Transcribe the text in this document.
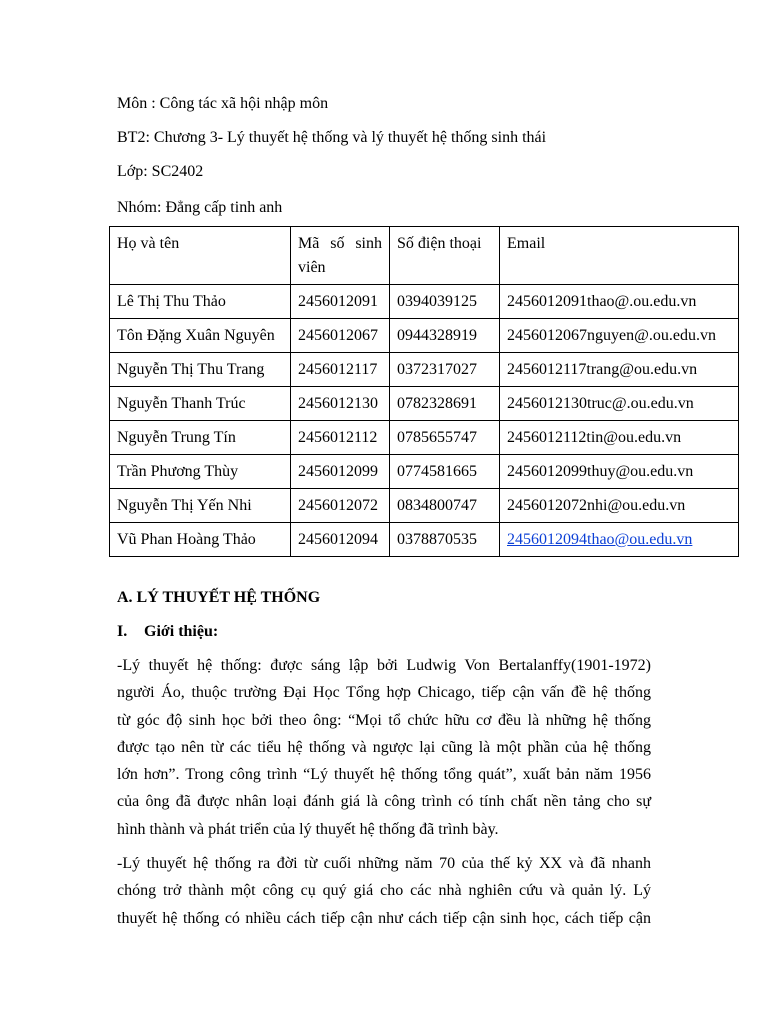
Môn : Công tác xã hội nhập môn
BT2: Chương 3- Lý thuyết hệ thống và lý thuyết hệ thống sinh thái
Lớp: SC2402
Nhóm: Đẳng cấp tinh anh
Họ và tên	Mã số sinh viên	Số điện thoại	Email
Lê Thị Thu Thảo	2456012091	0394039125	2456012091thao@.ou.edu.vn
Tôn Đặng Xuân Nguyên	2456012067	0944328919	2456012067nguyen@.ou.edu.vn
Nguyễn Thị Thu Trang	2456012117	0372317027	2456012117trang@ou.edu.vn
Nguyễn Thanh Trúc	2456012130	0782328691	2456012130truc@.ou.edu.vn
Nguyễn Trung Tín	2456012112	0785655747	2456012112tin@ou.edu.vn
Trần Phương Thùy	2456012099	0774581665	2456012099thuy@ou.edu.vn
Nguyễn Thị Yến Nhi	2456012072	0834800747	2456012072nhi@ou.edu.vn
Vũ Phan Hoàng Thảo	2456012094	0378870535	2456012094thao@ou.edu.vn
A. LÝ THUYẾT HỆ THỐNG
I. Giới thiệu:
-Lý thuyết hệ thống: được sáng lập bởi Ludwig Von Bertalanffy(1901-1972)
người Áo, thuộc trường Đại Học Tổng hợp Chicago, tiếp cận vấn đề hệ thống
từ góc độ sinh học bởi theo ông: “Mọi tổ chức hữu cơ đều là những hệ thống
được tạo nên từ các tiểu hệ thống và ngược lại cũng là một phần của hệ thống
lớn hơn”. Trong công trình “Lý thuyết hệ thống tổng quát”, xuất bản năm 1956
của ông đã được nhân loại đánh giá là công trình có tính chất nền tảng cho sự
hình thành và phát triển của lý thuyết hệ thống đã trình bày.
-Lý thuyết hệ thống ra đời từ cuối những năm 70 của thế kỷ XX và đã nhanh
chóng trở thành một công cụ quý giá cho các nhà nghiên cứu và quản lý. Lý
thuyết hệ thống có nhiều cách tiếp cận như cách tiếp cận sinh học, cách tiếp cận
